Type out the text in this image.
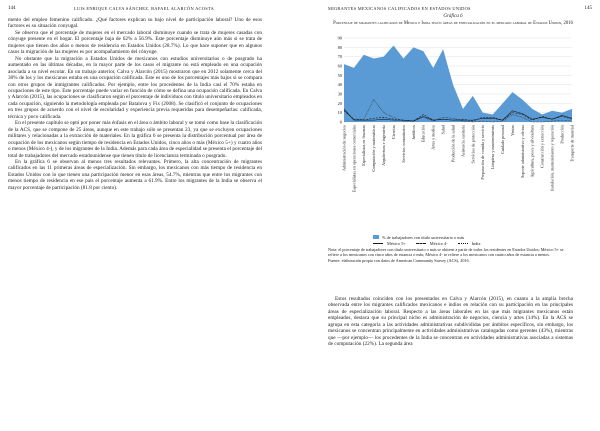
144	LUIS ENRIQUE CALVA SÁNCHEZ, RAFAEL ALARCÓN ACOSTA

mento del empleo femenino calificado. ¿Qué factores explican su bajo nivel de participación laboral? Uno de esos factores es su situación conyugal.

Se observa que el porcentaje de mujeres en el mercado laboral disminuye cuando se trata de mujeres casadas con cónyuge presente en el hogar. El porcentaje baja de 62% a 56.9%. Este porcentaje disminuye aún más si se trata de mujeres que tienen dos años o menos de residencia en Estados Unidos (28.7%). Lo que hace suponer que en algunos casos la migración de las mujeres es por acompañamiento del cónyuge.

No obstante que la migración a Estados Unidos de mexicanos con estudios universitarios o de posgrado ha aumentado en las últimas décadas, en la mayor parte de los casos el migrante no está empleado en una ocupación asociada a su nivel escolar. En un trabajo anterior, Calva y Alarcón (2015) mostraron que en 2012 solamente cerca del 30% de los y los mexicanos estaba en una ocupación calificada. Este es uno de los porcentajes más bajos si se compara con otros grupos de inmigrantes calificados. Por ejemplo, entre los procedentes de la India casi el 70% estaba en ocupaciones de este tipo. Este porcentaje puede variar en función de cómo se defina una ocupación calificada. En Calva y Alarcón (2015), las ocupaciones se clasificaron según el porcentaje de individuos con título universitario empleados en cada ocupación, siguiendo la metodología empleada por Batalova y Fix (2008). Se clasificó el conjunto de ocupaciones en tres grupos de acuerdo con el nivel de escolaridad y experiencia previa requeridas para desempeñarlas: calificada, técnica y poco calificada.

En el presente capítulo se optó por poner más énfasis en el área o ámbito laboral y se tomó como base la clasificación de la ACS, que se compone de 25 áreas, aunque en este trabajo sólo se presentan 23, ya que se excluyen ocupaciones militares y relacionadas a la extracción de materiales. En la gráfica 6 se presenta la distribución porcentual por área de ocupación de los mexicanos según tiempo de residencia en Estados Unidos, cinco años o más (México 5+) y cuatro años o menos (México 4-), y de los migrantes de la India. Además para cada área de especialidad se presenta el porcentaje del total de trabajadores del mercado estadounidense que tienen título de licenciatura terminada o posgrado.

En la gráfica 6 se observan al menos tres resultados relevantes. Primero, la alta concentración de migrantes calificados en las 11 primeras áreas de especialización. Sin embargo, los mexicanos con más tiempo de residencia en Estados Unidos con lo que tienen una participación menor en esas áreas, 54.7%, mientras que entre los migrantes con menos tiempo de residencia en ese país el porcentaje aumenta a 61.9%. Entre los migrantes de la India se observa el mayor porcentaje de participación (81.8 por ciento).

MIGRANTES MEXICANOS CALIFICADOS EN ESTADOS UNIDOS	145
Gráfica 6
Porcentaje de migrantes calificados de México e India según áreas de especialización en el mercado laboral de Estados Unidos, 2016
0
10
20
30
40
50
60
70
80
90
Administración de negocios Especialistas en operaciones comerciales Especialistas en finanzas Computación y matemáticas Arquitectura e ingeniería Ciencias Servicios comunitarios Jurídicos Educación Artes y medios Salud Producción de la salud Asistencia sanitaria Servicios de protección Preparación de comida y servicio Limpieza y mantenimiento Cuidado personal Ventas Soporte administrativo y oficina Agricultura, pesca y silvicultura Construcción y extracción Instalación, mantenimiento y reparación Producción Transporte de material
% de trabajadores con título universitario o más
México 5+	México 4-	India

Nota: el porcentaje de trabajadores con título universitario o más se obtiene a partir de todos los residentes en Estados Unidos; México 5+ se refiere a los mexicanos con cinco años de estancia o más; México 4- se refiere a los mexicanos con cuatro años de estancia o menos.

Fuente: elaboración propia con datos de American Community Survey (ACS), 2016.

Estos resultados coinciden con los presentados en Calva y Alarcón (2015), en cuanto a la amplia brecha observada entre los migrantes calificados mexicanos e indios en relación con su participación en las principales áreas de especialización laboral. Respecto a las áreas laborales en las que más migrantes mexicanos están empleados, destaca que su principal nicho es administración de negocios, ciencia y artes (14%). En la ACS se agrupa en esta categoría a las actividades administrativas subdivididas por ámbitos específicos, sin embargo, los mexicanos se concentran principalmente en actividades administrativas catalogadas como gerentes (43%), mientras que —por ejemplo— los procedentes de la India se concentran en actividades administrativas asociadas a sistemas de computación (22%). La segunda área
